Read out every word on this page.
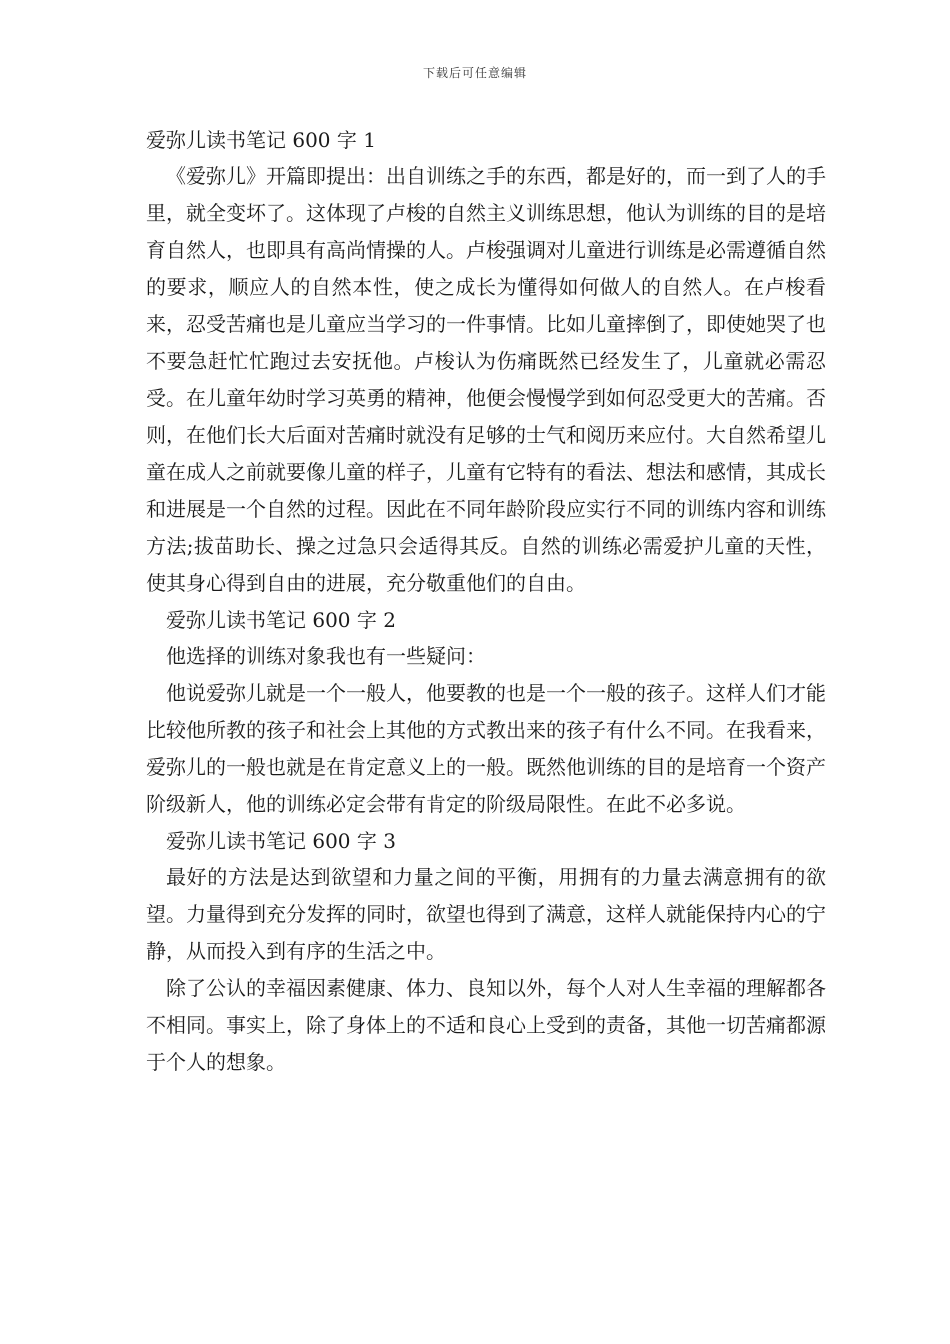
下载后可任意编辑

爱弥儿读书笔记 600 字 1

《爱弥儿》开篇即提出：出自训练之手的东西，都是好的，而一到了人的手里，就全变坏了。这体现了卢梭的自然主义训练思想，他认为训练的目的是培育自然人，也即具有高尚情操的人。卢梭强调对儿童进行训练是必需遵循自然的要求，顺应人的自然本性，使之成长为懂得如何做人的自然人。在卢梭看来，忍受苦痛也是儿童应当学习的一件事情。比如儿童摔倒了，即使她哭了也不要急赶忙忙跑过去安抚他。卢梭认为伤痛既然已经发生了，儿童就必需忍受。在儿童年幼时学习英勇的精神，他便会慢慢学到如何忍受更大的苦痛。否则，在他们长大后面对苦痛时就没有足够的士气和阅历来应付。大自然希望儿童在成人之前就要像儿童的样子，儿童有它特有的看法、想法和感情，其成长和进展是一个自然的过程。因此在不同年龄阶段应实行不同的训练内容和训练方法;拔苗助长、操之过急只会适得其反。自然的训练必需爱护儿童的天性，使其身心得到自由的进展，充分敬重他们的自由。

爱弥儿读书笔记 600 字 2

他选择的训练对象我也有一些疑问：

他说爱弥儿就是一个一般人，他要教的也是一个一般的孩子。这样人们才能比较他所教的孩子和社会上其他的方式教出来的孩子有什么不同。在我看来，爱弥儿的一般也就是在肯定意义上的一般。既然他训练的目的是培育一个资产阶级新人，他的训练必定会带有肯定的阶级局限性。在此不必多说。

爱弥儿读书笔记 600 字 3

最好的方法是达到欲望和力量之间的平衡，用拥有的力量去满意拥有的欲望。力量得到充分发挥的同时，欲望也得到了满意，这样人就能保持内心的宁静，从而投入到有序的生活之中。

除了公认的幸福因素健康、体力、良知以外，每个人对人生幸福的理解都各不相同。事实上，除了身体上的不适和良心上受到的责备，其他一切苦痛都源于个人的想象。
